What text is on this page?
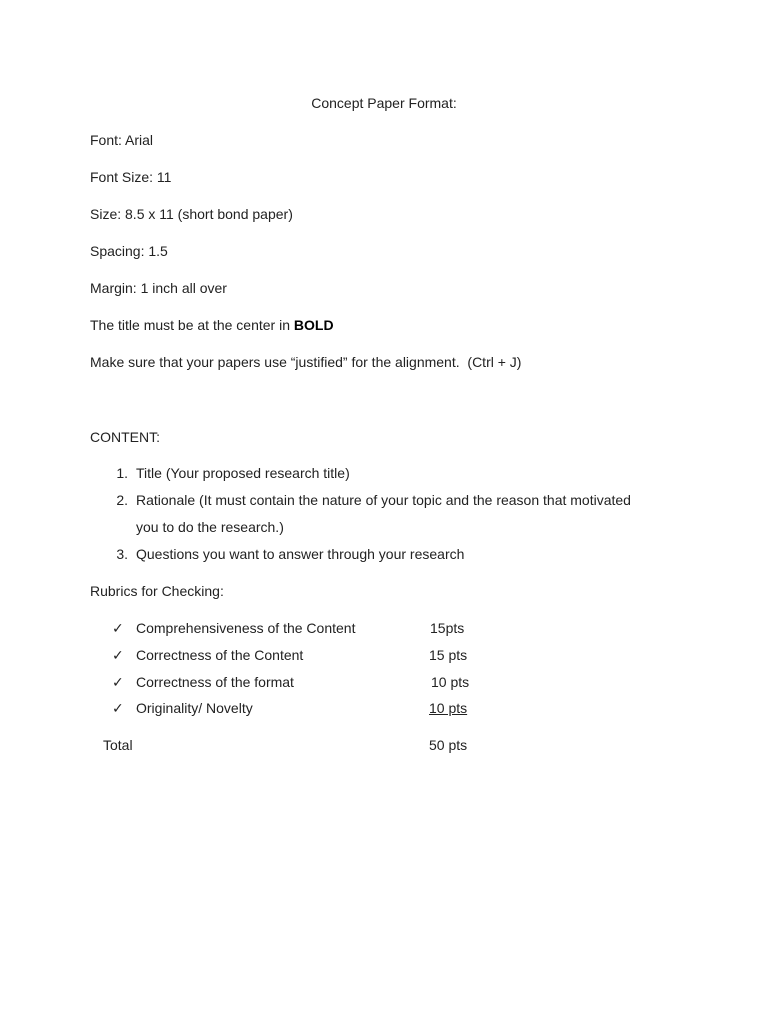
Concept Paper Format:
Font: Arial
Font Size: 11
Size: 8.5 x 11 (short bond paper)
Spacing: 1.5
Margin: 1 inch all over
The title must be at the center in BOLD
Make sure that your papers use “justified” for the alignment.  (Ctrl + J)
CONTENT:
1. Title (Your proposed research title)
2. Rationale (It must contain the nature of your topic and the reason that motivated
you to do the research.)
3. Questions you want to answer through your research
Rubrics for Checking:
✓ Comprehensiveness of the Content	15pts
✓ Correctness of the Content	15 pts
✓ Correctness of the format	10 pts
✓ Originality/ Novelty	10 pts
Total	50 pts
